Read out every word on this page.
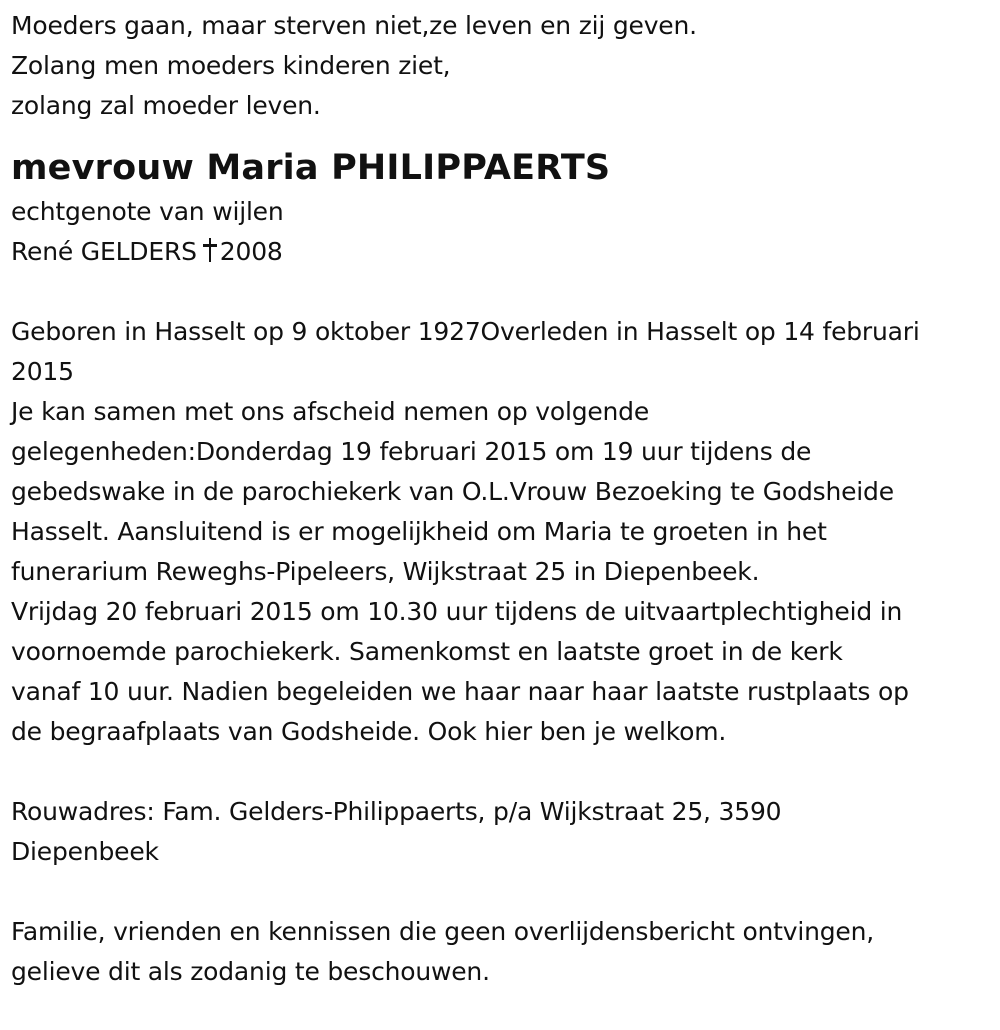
Moeders gaan, maar sterven niet,ze leven en zij geven.

Zolang men moeders kinderen ziet,

zolang zal moeder leven.

mevrouw Maria PHILIPPAERTS

echtgenote van wijlen

René GELDERS 2008

Geboren in Hasselt op 9 oktober 1927Overleden in Hasselt op 14 februari

2015

Je kan samen met ons afscheid nemen op volgende

gelegenheden:Donderdag 19 februari 2015 om 19 uur tijdens de

gebedswake in de parochiekerk van O.L.Vrouw Bezoeking te Godsheide

Hasselt. Aansluitend is er mogelijkheid om Maria te groeten in het

funerarium Reweghs-Pipeleers, Wijkstraat 25 in Diepenbeek.

Vrijdag 20 februari 2015 om 10.30 uur tijdens de uitvaartplechtigheid in

voornoemde parochiekerk. Samenkomst en laatste groet in de kerk

vanaf 10 uur. Nadien begeleiden we haar naar haar laatste rustplaats op

de begraafplaats van Godsheide. Ook hier ben je welkom.

Rouwadres: Fam. Gelders-Philippaerts, p/a Wijkstraat 25, 3590

Diepenbeek

Familie, vrienden en kennissen die geen overlijdensbericht ontvingen,

gelieve dit als zodanig te beschouwen.
